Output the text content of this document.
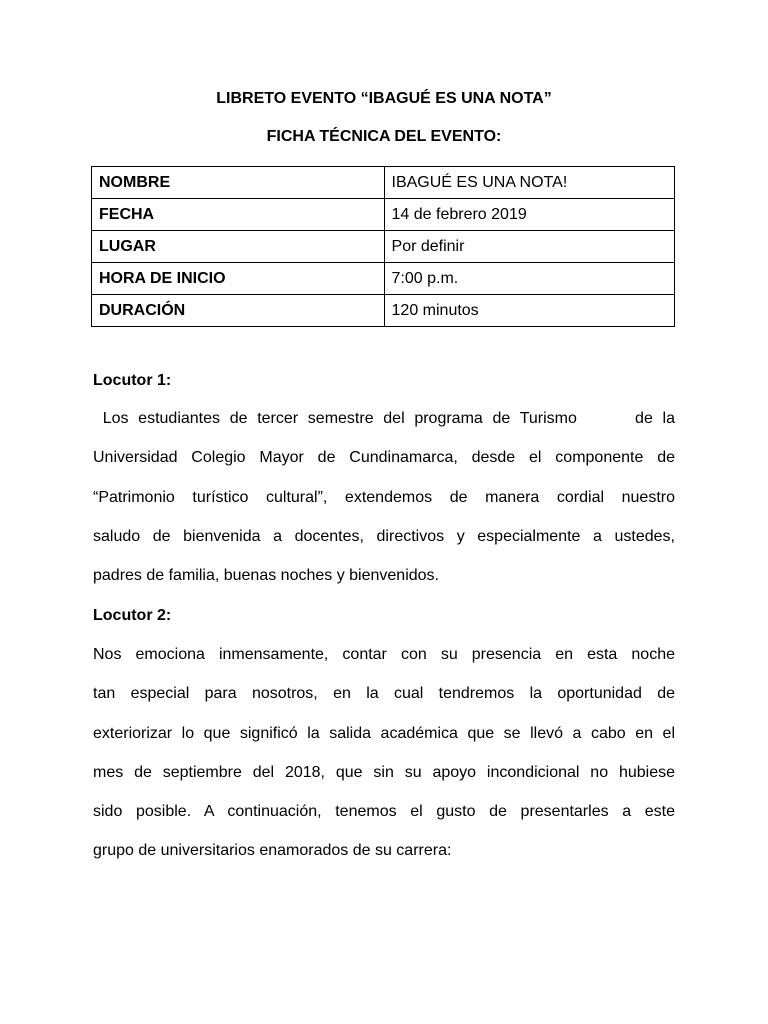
LIBRETO EVENTO “IBAGUÉ ES UNA NOTA”

FICHA TÉCNICA DEL EVENTO:

NOMBRE	IBAGUÉ ES UNA NOTA!
FECHA	14 de febrero 2019
LUGAR	Por definir
HORA DE INICIO	7:00 p.m.
DURACIÓN	120 minutos

Locutor 1:

Los estudiantes de tercer semestre del programa de Turismo      de la
Universidad Colegio Mayor de Cundinamarca, desde el componente de
“Patrimonio turístico cultural”, extendemos de manera cordial nuestro
saludo de bienvenida a docentes, directivos y especialmente a ustedes,
padres de familia, buenas noches y bienvenidos.

Locutor 2:

Nos emociona inmensamente, contar con su presencia en esta noche
tan especial para nosotros, en la cual tendremos la oportunidad de
exteriorizar lo que significó la salida académica que se llevó a cabo en el
mes de septiembre del 2018, que sin su apoyo incondicional no hubiese
sido posible. A continuación, tenemos el gusto de presentarles a este
grupo de universitarios enamorados de su carrera:
